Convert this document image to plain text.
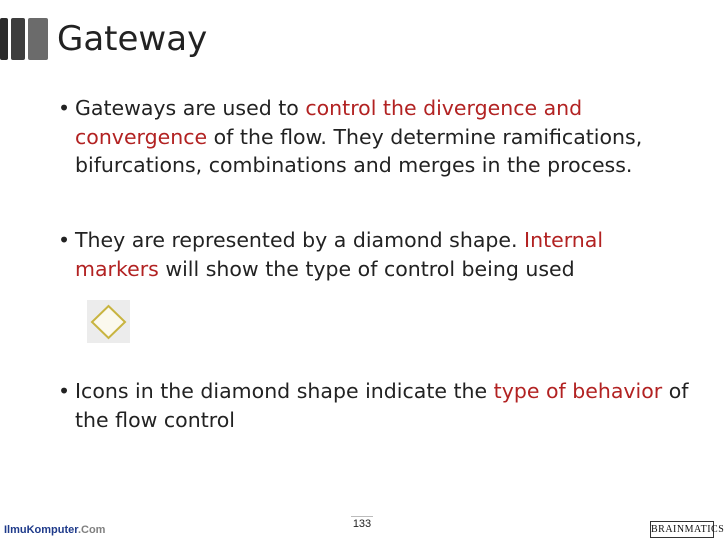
Gateway
• Gateways are used to control the divergence and convergence of the flow. They determine ramifications, bifurcations, combinations and merges in the process.
• They are represented by a diamond shape. Internal markers will show the type of control being used
• Icons in the diamond shape indicate the type of behavior of the flow control
IlmuKomputer.Com	133	BRAINMATICS
